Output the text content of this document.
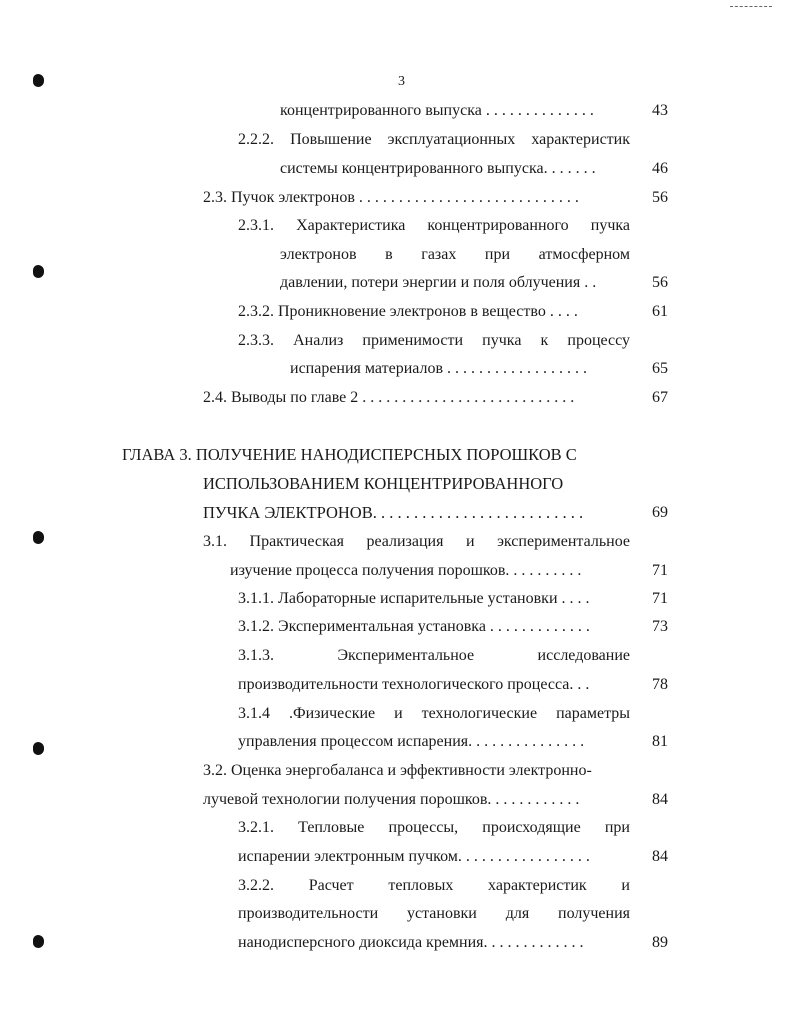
3
концентрированного выпуска . . . . . . . . . . . . . .	43
2.2.2. Повышение эксплуатационных характеристик
системы концентрированного выпуска. . . . . . .	46
2.3. Пучок электронов . . . . . . . . . . . . . . . . . . . . . . . . . . . .	56
2.3.1. Характеристика концентрированного пучка
электронов в газах при атмосферном
давлении, потери энергии и поля облучения . .	56
2.3.2. Проникновение электронов в вещество . . . .	61
2.3.3. Анализ применимости пучка к процессу
испарения материалов . . . . . . . . . . . . . . . . . .	65
2.4. Выводы по главе 2 . . . . . . . . . . . . . . . . . . . . . . . . . . .	67
ГЛАВА 3. ПОЛУЧЕНИЕ НАНОДИСПЕРСНЫХ ПОРОШКОВ С
ИСПОЛЬЗОВАНИЕМ КОНЦЕНТРИРОВАННОГО
ПУЧКА ЭЛЕКТРОНОВ. . . . . . . . . . . . . . . . . . . . . . . . . .	69
3.1. Практическая реализация и экспериментальное
изучение процесса получения порошков. . . . . . . . . .	71
3.1.1. Лабораторные испарительные установки . . . .	71
3.1.2. Экспериментальная установка . . . . . . . . . . . . .	73
3.1.3. Экспериментальное исследование
производительности технологического процесса. . .	78
3.1.4 .Физические и технологические параметры
управления процессом испарения. . . . . . . . . . . . . . .	81
3.2. Оценка энергобаланса и эффективности электронно-
лучевой технологии получения порошков. . . . . . . . . . . .	84
3.2.1. Тепловые процессы, происходящие при
испарении электронным пучком. . . . . . . . . . . . . . . . .	84
3.2.2. Расчет тепловых характеристик и
производительности установки для получения
нанодисперсного диоксида кремния. . . . . . . . . . . . .	89
